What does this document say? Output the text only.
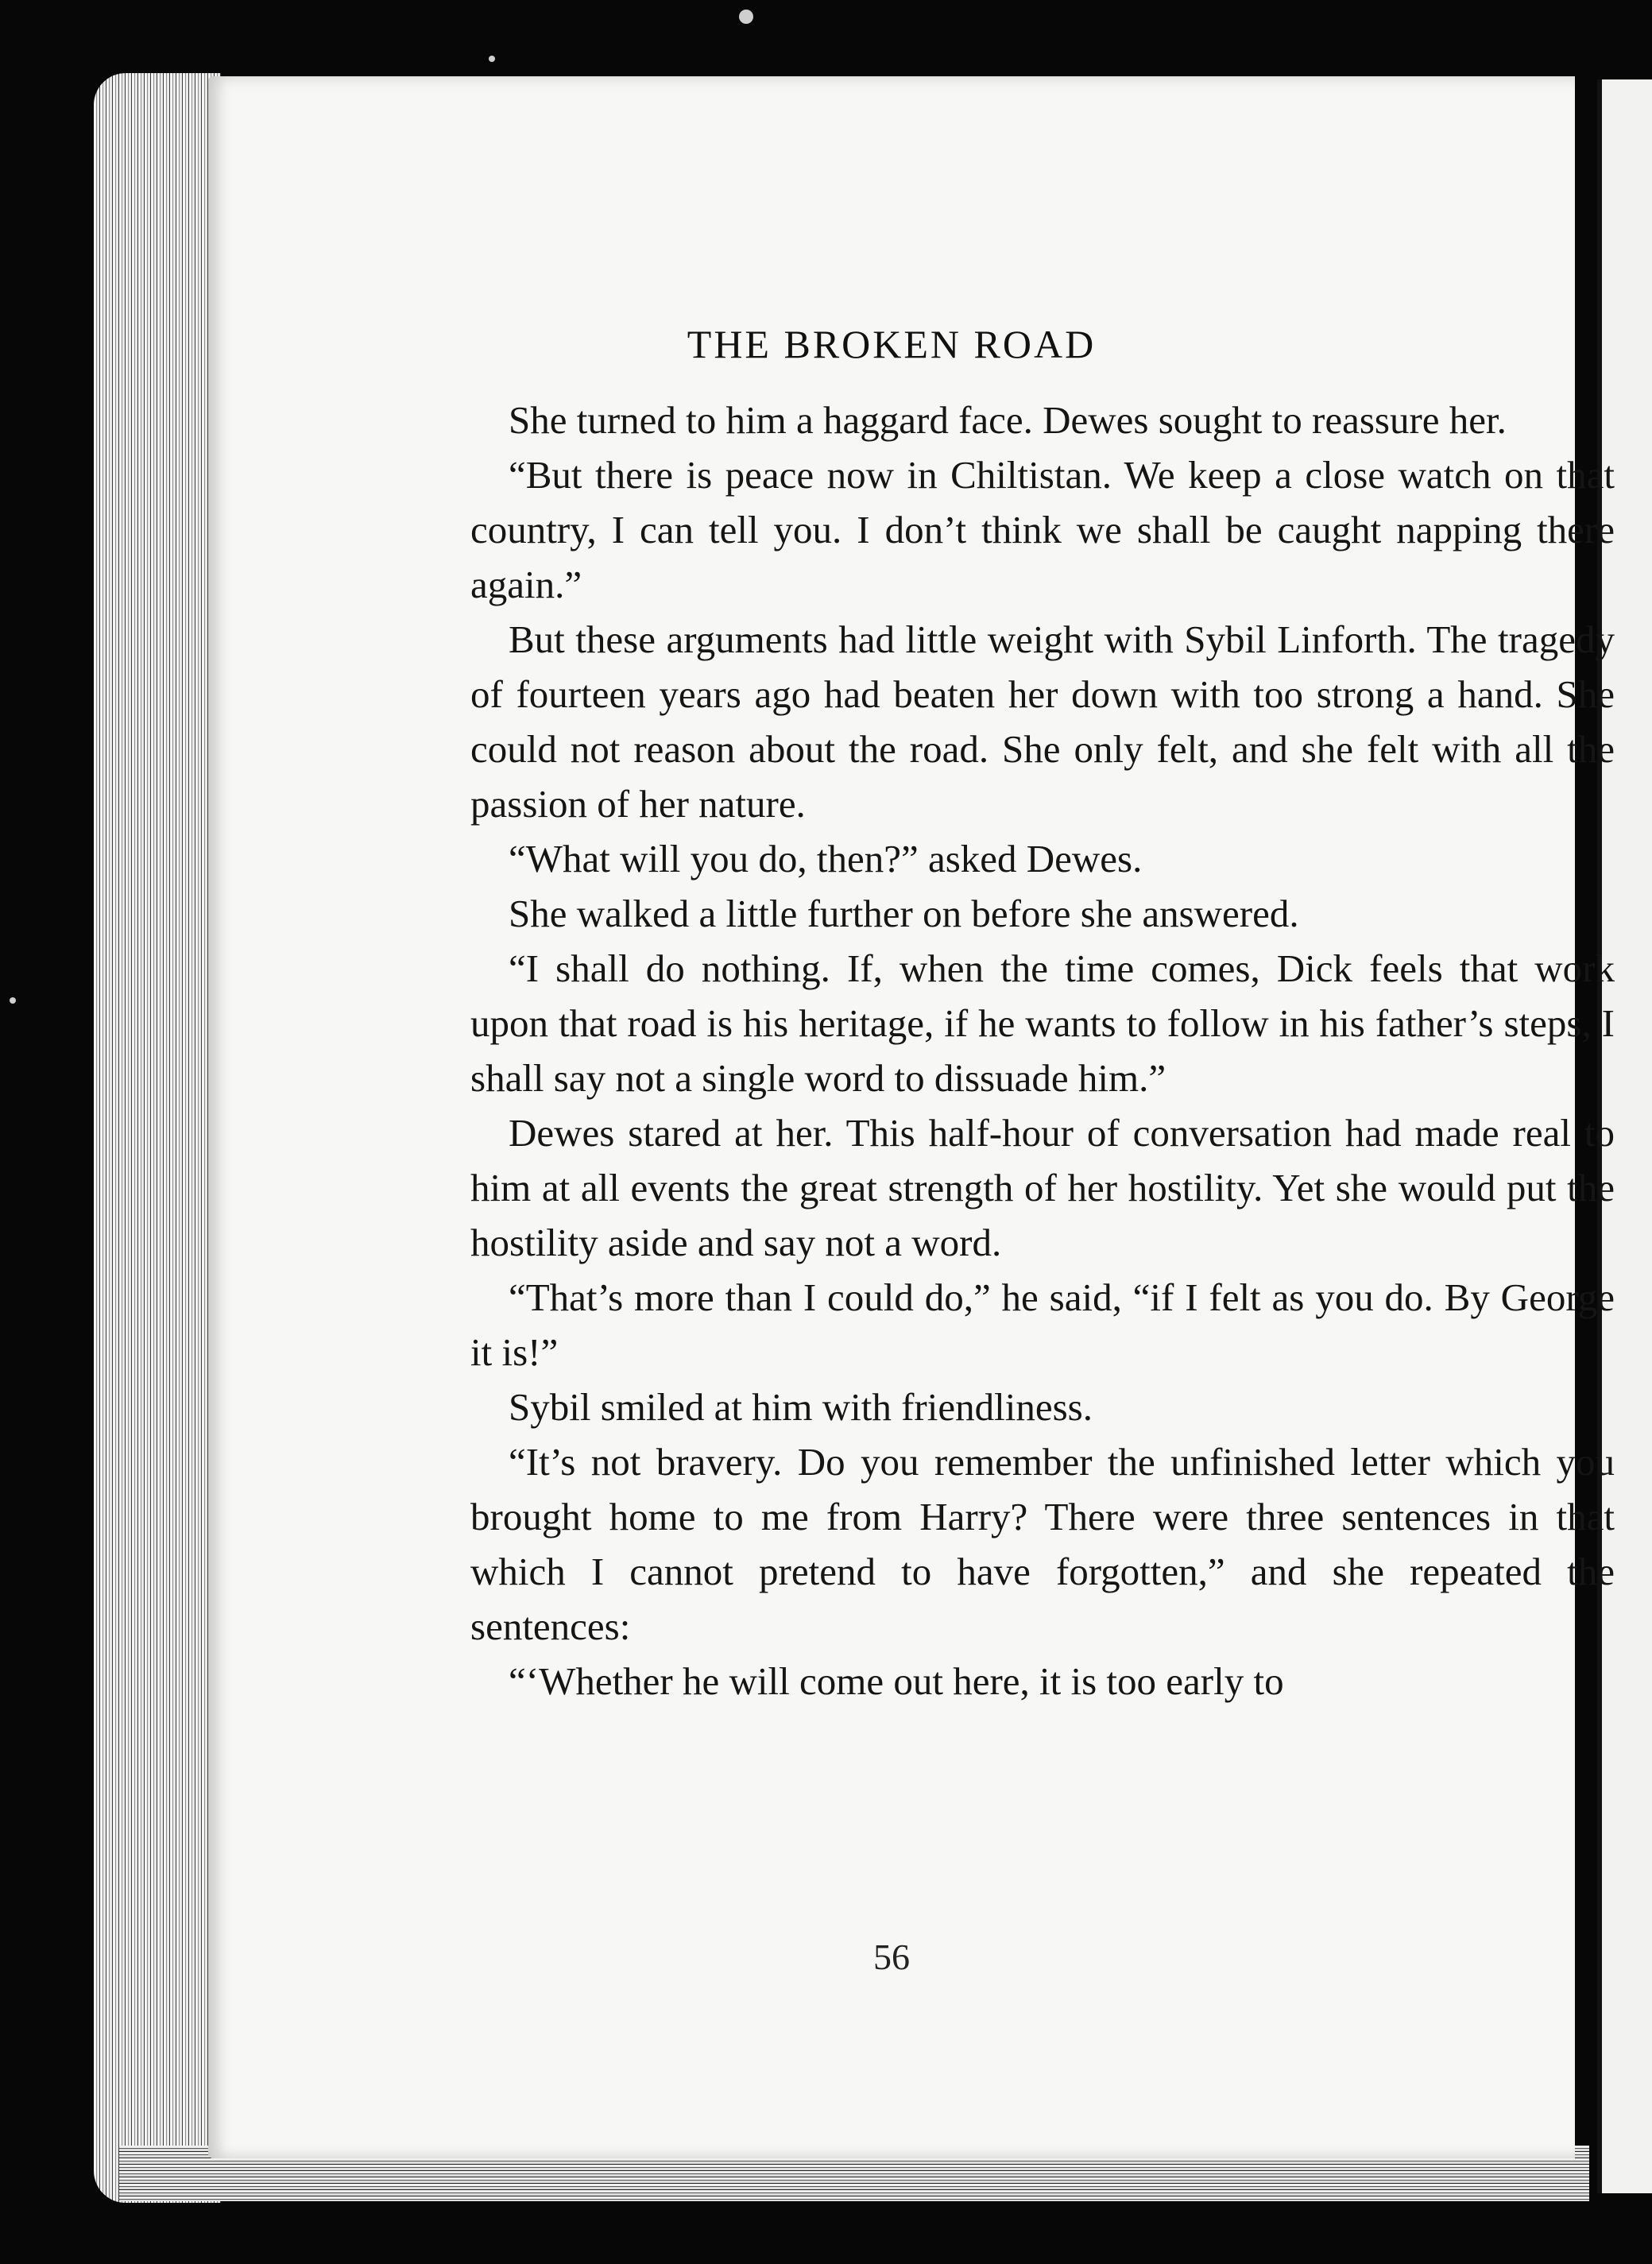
THE BROKEN ROAD

She turned to him a haggard face. Dewes sought to reassure her.

“But there is peace now in Chiltistan. We keep a close watch on that country, I can tell you. I don’t think we shall be caught napping there again.”

But these arguments had little weight with Sybil Linforth. The tragedy of fourteen years ago had beaten her down with too strong a hand. She could not reason about the road. She only felt, and she felt with all the passion of her nature.

“What will you do, then?” asked Dewes.

She walked a little further on before she answered.

“I shall do nothing. If, when the time comes, Dick feels that work upon that road is his heritage, if he wants to follow in his father’s steps, I shall say not a single word to dissuade him.”

Dewes stared at her. This half-hour of conversation had made real to him at all events the great strength of her hostility. Yet she would put the hostility aside and say not a word.

“That’s more than I could do,” he said, “if I felt as you do. By George it is!”

Sybil smiled at him with friendliness.

“It’s not bravery. Do you remember the unfinished letter which you brought home to me from Harry? There were three sentences in that which I cannot pretend to have forgotten,” and she repeated the sentences:

“‘Whether he will come out here, it is too early to

56
